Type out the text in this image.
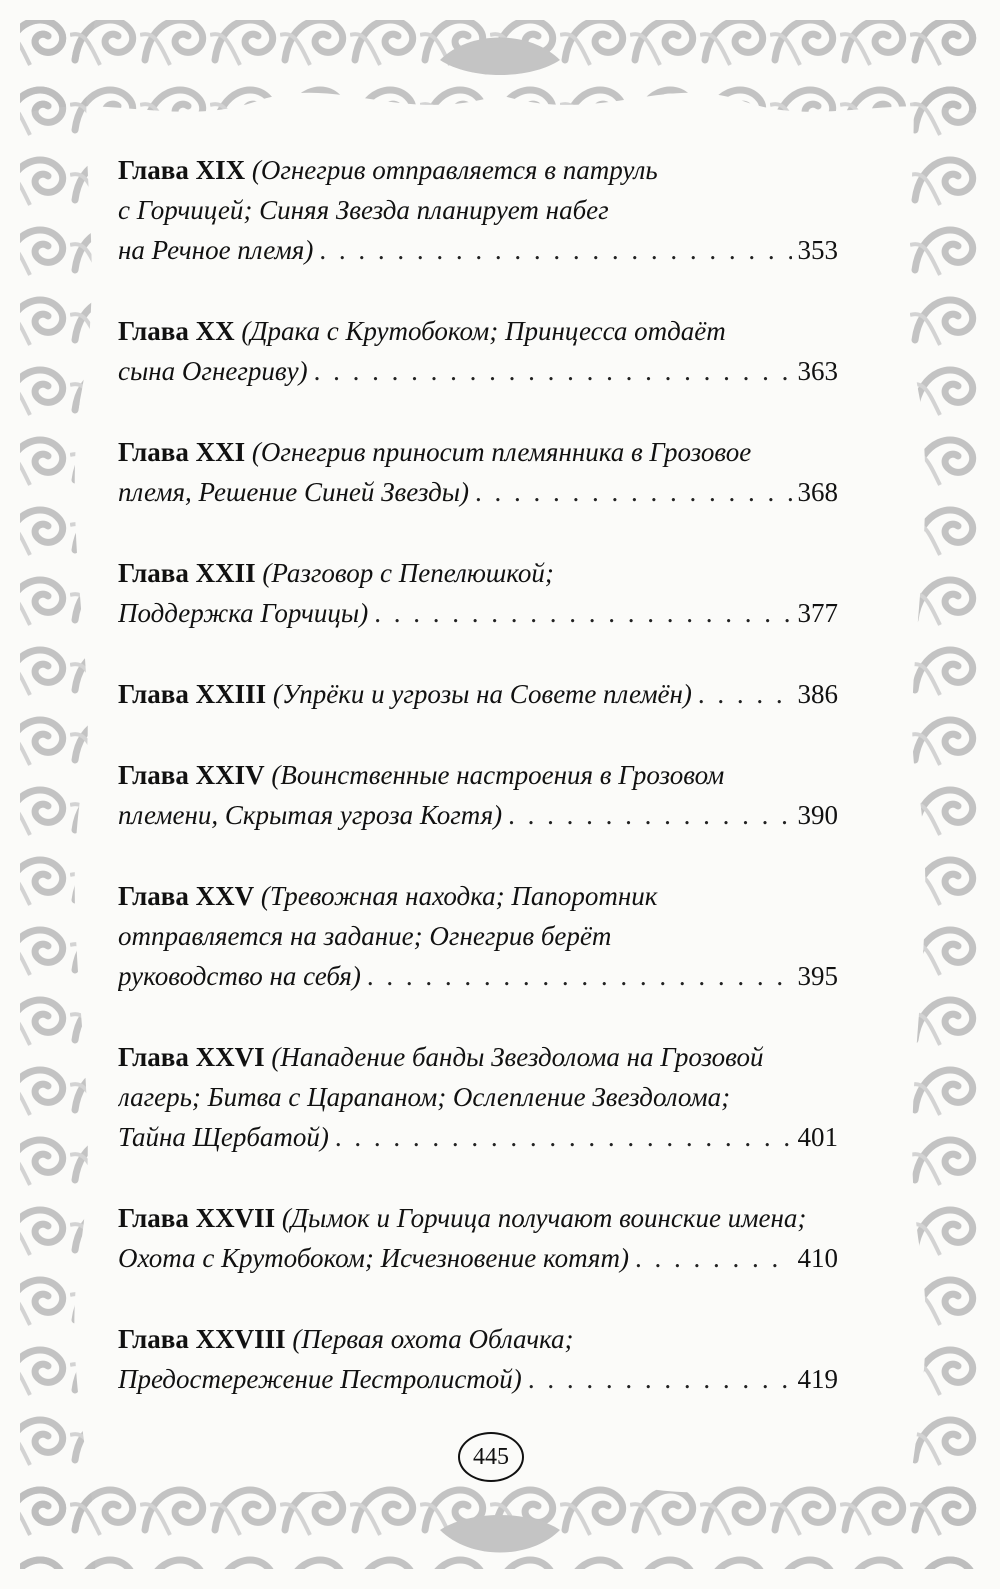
Глава XIX (Огнегрив отправляется в патруль
с Горчицей; Синяя Звезда планирует набег
на Речное племя) . . .	353
Глава XX (Драка с Крутобоком; Принцесса отдаёт
сына Огнегриву) . . .	363
Глава XXI (Огнегрив приносит племянника в Грозовое
племя, Решение Синей Звезды) . . .	368
Глава XXII (Разговор с Пепелюшкой;
Поддержка Горчицы) . . .	377
Глава XXIII (Упрёки и угрозы на Совете племён) . . .	386
Глава XXIV (Воинственные настроения в Грозовом
племени, Скрытая угроза Когтя) . . .	390
Глава XXV (Тревожная находка; Папоротник
отправляется на задание; Огнегрив берёт
руководство на себя) . . .	395
Глава XXVI (Нападение банды Звездолома на Грозовой
лагерь; Битва с Царапаном; Ослепление Звездолома;
Тайна Щербатой) . . .	401
Глава XXVII (Дымок и Горчица получают воинские имена;
Охота с Крутобоком; Исчезновение котят) . . .	410
Глава XXVIII (Первая охота Облачка;
Предостережение Пестролистой) . . .	419
445
